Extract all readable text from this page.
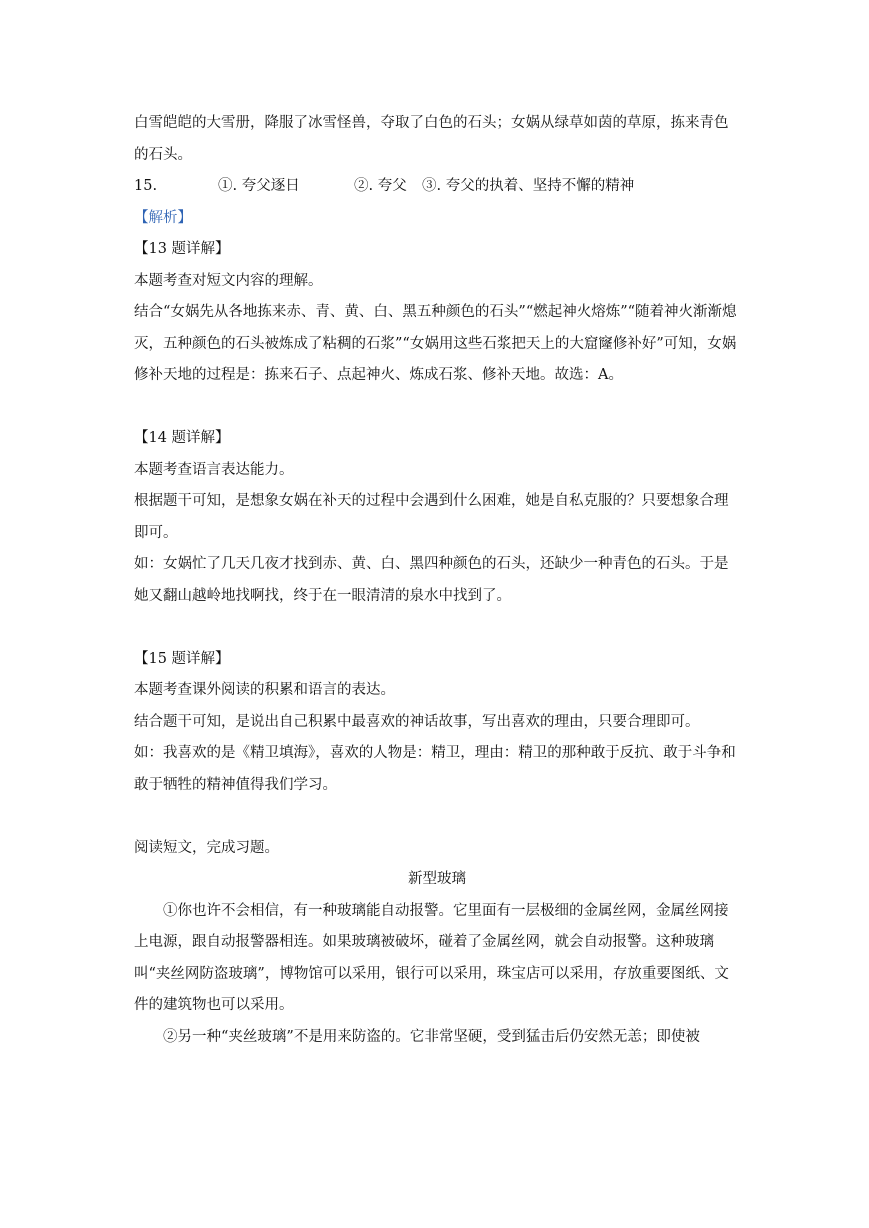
白雪皑皑的大雪册，降服了冰雪怪兽，夺取了白色的石头；女娲从绿草如茵的草原，拣来青色的石头。

15.	①. 夸父逐日	②. 夸父	③. 夸父的执着、坚持不懈的精神

【解析】

【13 题详解】

本题考查对短文内容的理解。

结合“女娲先从各地拣来赤、青、黄、白、黑五种颜色的石头”“燃起神火熔炼”“随着神火渐渐熄灭，五种颜色的石头被炼成了粘稠的石浆”“女娲用这些石浆把天上的大窟窿修补好”可知，女娲修补天地的过程是：拣来石子、点起神火、炼成石浆、修补天地。故选：A。

【14 题详解】

本题考查语言表达能力。

根据题干可知，是想象女娲在补天的过程中会遇到什么困难，她是自私克服的？只要想象合理即可。

如：女娲忙了几天几夜才找到赤、黄、白、黑四种颜色的石头，还缺少一种青色的石头。于是她又翻山越岭地找啊找，终于在一眼清清的泉水中找到了。

【15 题详解】

本题考查课外阅读的积累和语言的表达。

结合题干可知，是说出自己积累中最喜欢的神话故事，写出喜欢的理由，只要合理即可。

如：我喜欢的是《精卫填海》，喜欢的人物是：精卫，理由：精卫的那种敢于反抗、敢于斗争和敢于牺牲的精神值得我们学习。

阅读短文，完成习题。

新型玻璃

①你也许不会相信，有一种玻璃能自动报警。它里面有一层极细的金属丝网，金属丝网接上电源，跟自动报警器相连。如果玻璃被破坏，碰着了金属丝网，就会自动报警。这种玻璃叫“夹丝网防盗玻璃”，博物馆可以采用，银行可以采用，珠宝店可以采用，存放重要图纸、文件的建筑物也可以采用。

②另一种“夹丝玻璃”不是用来防盗的。它非常坚硬，受到猛击后仍安然无恙；即使被
